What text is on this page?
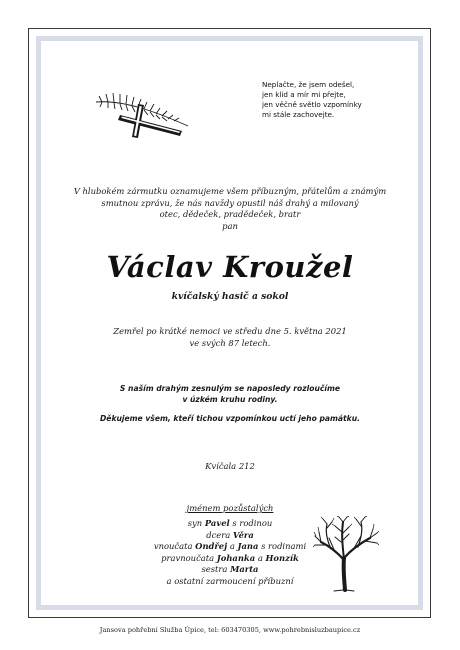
Neplačte, že jsem odešel,
jen klid a mír mi přejte,
jen věčně světlo vzpomínky
mi stále zachovejte.
V hlubokém zármutku oznamujeme všem příbuzným, přátelům a známým
smutnou zprávu, že nás navždy opustil náš drahý a milovaný
otec, dědeček, pradědeček, bratr
pan
Václav Kroužel
kvíčalský hasič a sokol
Zemřel po krátké nemoci ve středu dne 5. května 2021
ve svých 87 letech.
S naším drahým zesnulým se naposledy rozloučíme
v úzkém kruhu rodiny.
Děkujeme všem, kteří tichou vzpomínkou uctí jeho památku.
Kvíčala 212
jménem pozůstalých
syn Pavel s rodinou
dcera Věra
vnoučata Ondřej a Jana s rodinami
pravnoučata Johanka a Honzík
sestra Marta
a ostatní zarmoucení příbuzní
Jansova pohřební Služba Úpice, tel: 603470305, www.pohrebnisluzbaupice.cz
